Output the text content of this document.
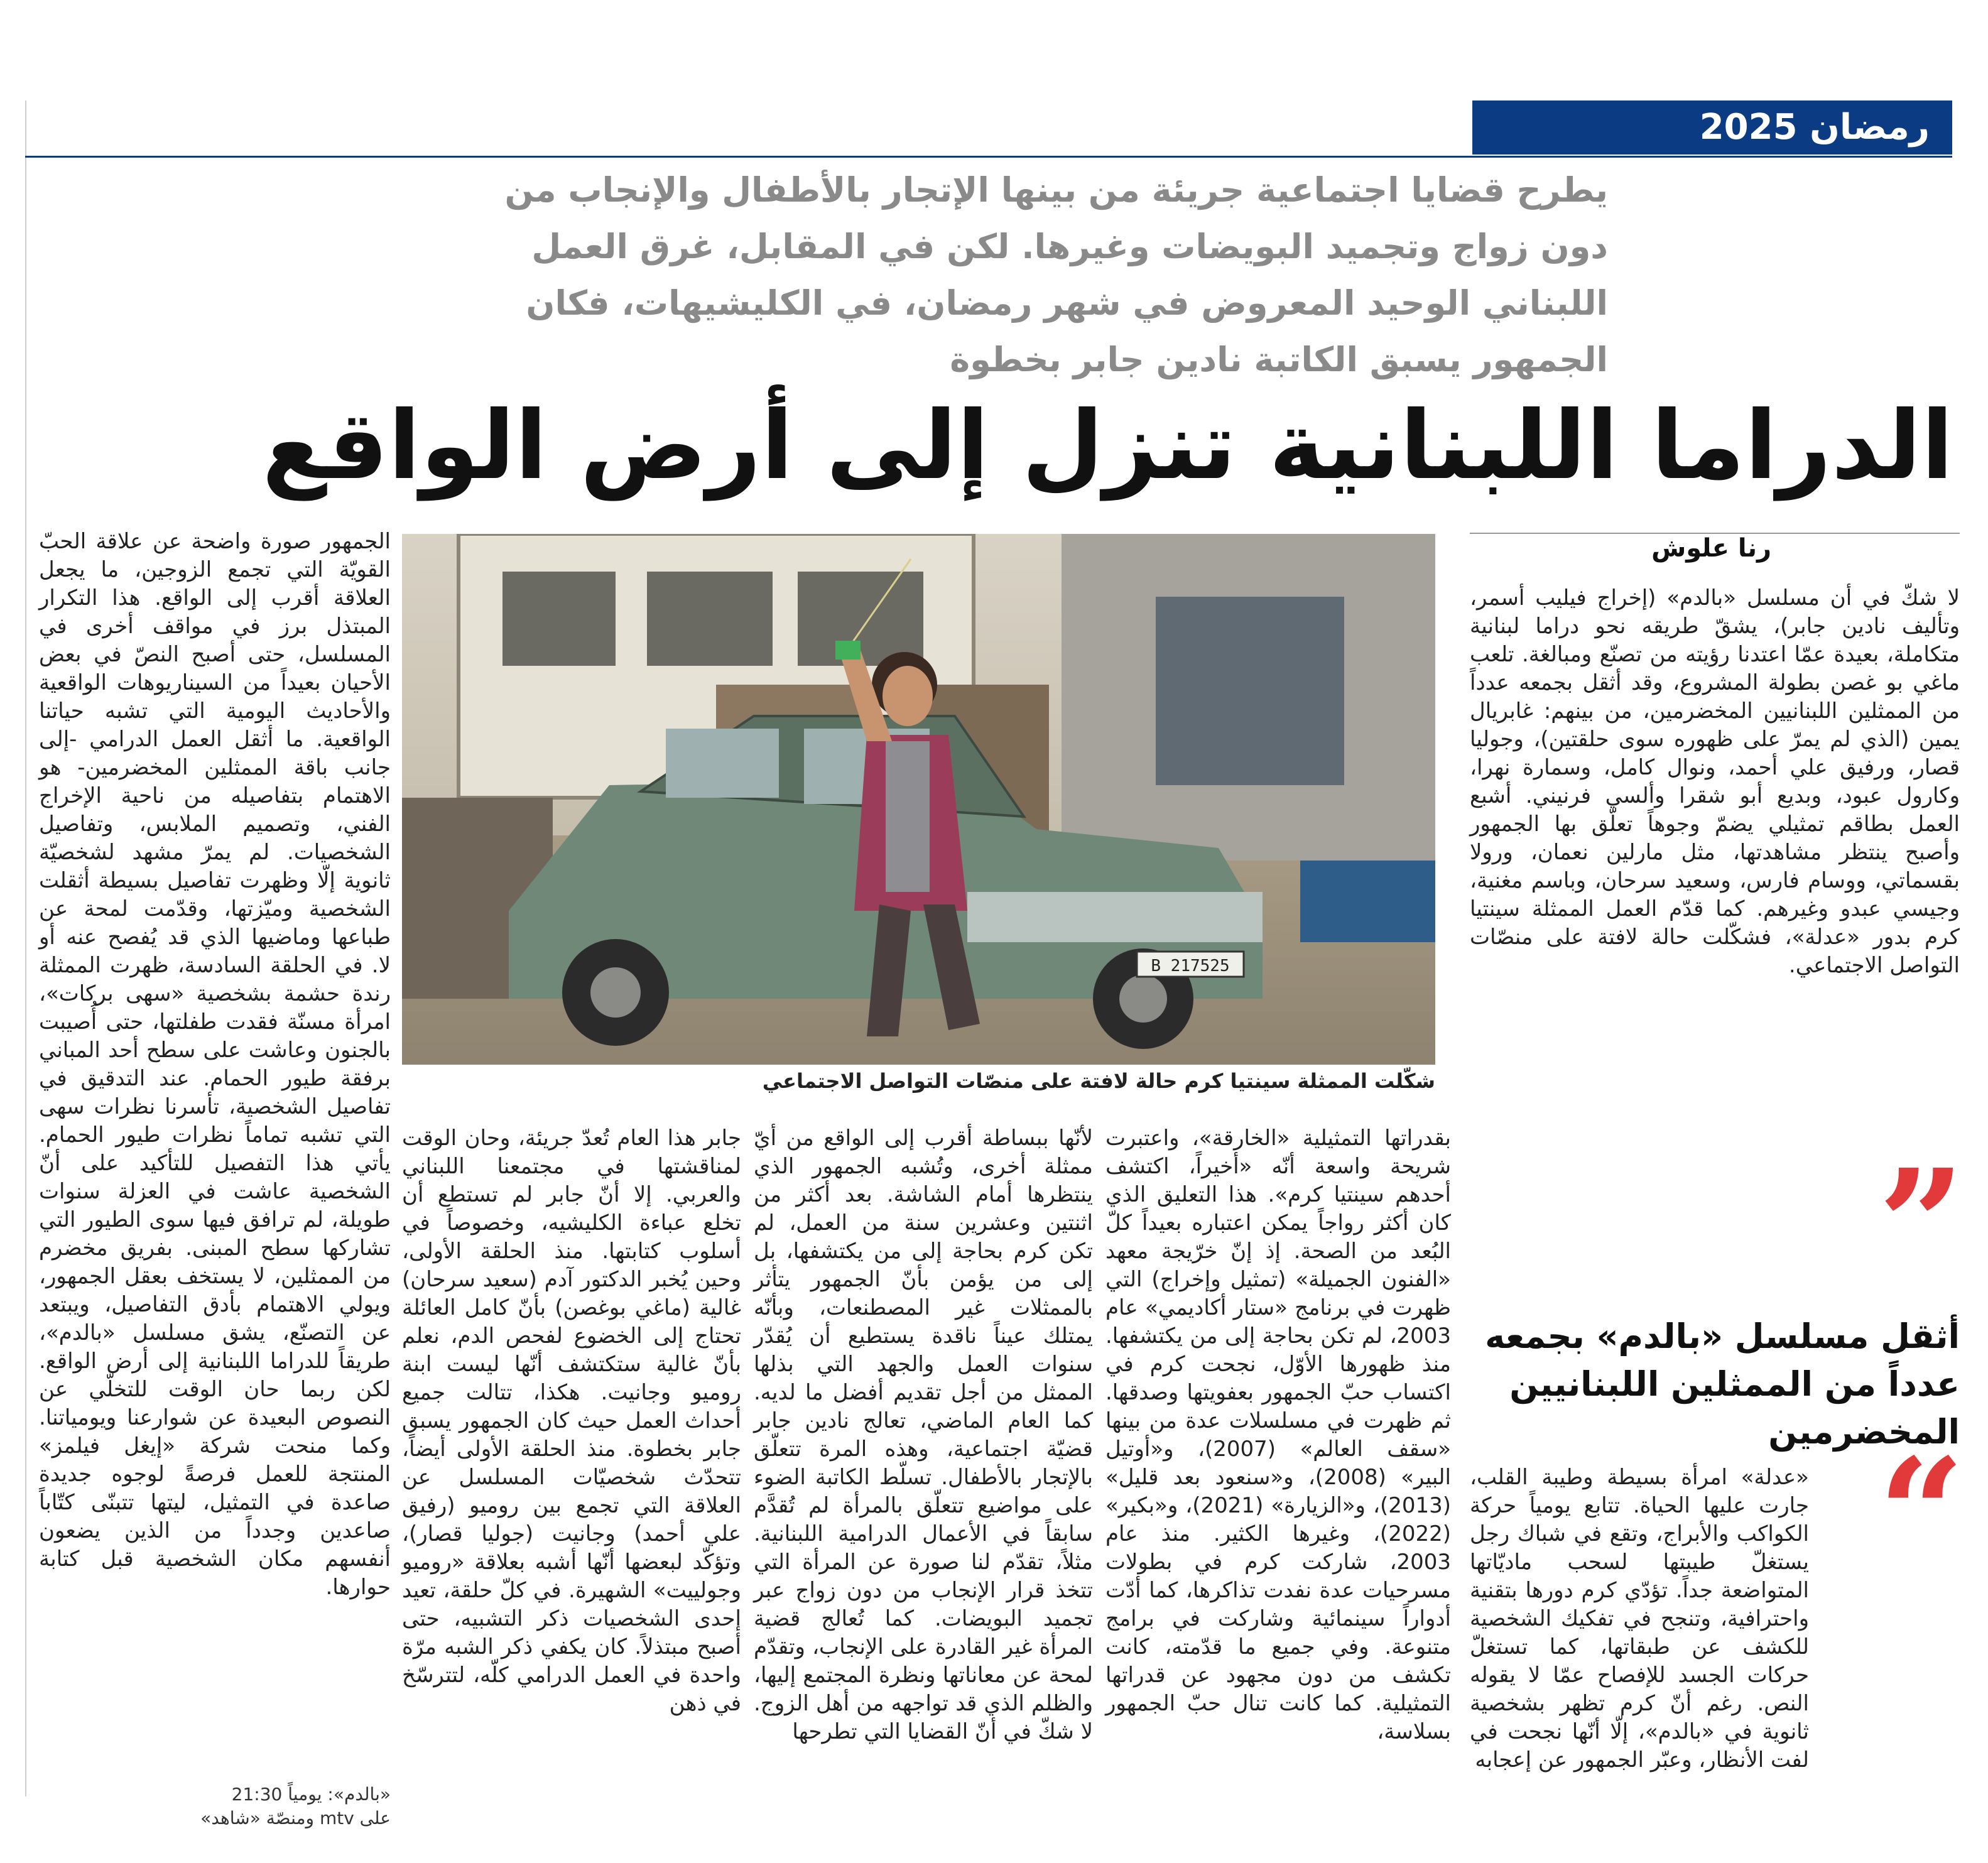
رمضان 2025
يطرح قضايا اجتماعية جريئة من بينها الإتجار بالأطفال والإنجاب من دون زواج وتجميد البويضات وغيرها. لكن في المقابل، غرق العمل اللبناني الوحيد المعروض في شهر رمضان، في الكليشيهات، فكان الجمهور يسبق الكاتبة نادين جابر بخطوة
الدراما اللبنانية تنزل إلى أرض الواقع
رنا علوش

لا شكّ في أن مسلسل «بالدم» (إخراج فيليب أسمر، وتأليف نادين جابر)، يشقّ طريقه نحو دراما لبنانية متكاملة، بعيدة عمّا اعتدنا رؤيته من تصنّع ومبالغة. تلعب ماغي بو غصن بطولة المشروع، وقد أثقل بجمعه عدداً من الممثلين اللبنانيين المخضرمين، من بينهم: غابريال يمين (الذي لم يمرّ على ظهوره سوى حلقتين)، وجوليا قصار، ورفيق علي أحمد، ونوال كامل، وسمارة نهرا، وكارول عبود، وبديع أبو شقرا وألسي فرنيني. أشبع العمل بطاقم تمثيلي يضمّ وجوهاً تعلّق بها الجمهور وأصبح ينتظر مشاهدتها، مثل مارلين نعمان، ورولا بقسماتي، ووسام فارس، وسعيد سرحان، وباسم مغنية، وجيسي عبدو وغيرهم. كما قدّم العمل الممثلة سينتيا كرم بدور «عدلة»، فشكّلت حالة لافتة على منصّات التواصل الاجتماعي.

”
أثقل مسلسل «بالدم» بجمعه عدداً من الممثلين اللبنانيين المخضرمين
“

«عدلة» امرأة بسيطة وطيبة القلب، جارت عليها الحياة. تتابع يومياً حركة الكواكب والأبراج، وتقع في شباك رجل يستغلّ طيبتها لسحب ماديّاتها المتواضعة جداً. تؤدّي كرم دورها بتقنية واحترافية، وتنجح في تفكيك الشخصية للكشف عن طبقاتها، كما تستغلّ حركات الجسد للإفصاح عمّا لا يقوله النص. رغم أنّ كرم تظهر بشخصية ثانوية في «بالدم»، إلّا أنّها نجحت في لفت الأنظار، وعبّر الجمهور عن إعجابه

B 217525
شكّلت الممثلة سينتيا كرم حالة لافتة على منصّات التواصل الاجتماعي

بقدراتها التمثيلية «الخارقة»، واعتبرت شريحة واسعة أنّه «أخيراً، اكتشف أحدهم سينتيا كرم». هذا التعليق الذي كان أكثر رواجاً يمكن اعتباره بعيداً كلّ البُعد من الصحة. إذ إنّ خرّيجة معهد «الفنون الجميلة» (تمثيل وإخراج) التي ظهرت في برنامج «ستار أكاديمي» عام 2003، لم تكن بحاجة إلى من يكتشفها. منذ ظهورها الأوّل، نجحت كرم في اكتساب حبّ الجمهور بعفويتها وصدقها. ثم ظهرت في مسلسلات عدة من بينها «سقف العالم» (2007)، و«أوتيل البير» (2008)، و«سنعود بعد قليل» (2013)، و«الزيارة» (2021)، و«بكير» (2022)، وغيرها الكثير. منذ عام 2003، شاركت كرم في بطولات مسرحيات عدة نفدت تذاكرها، كما أدّت أدواراً سينمائية وشاركت في برامج متنوعة. وفي جميع ما قدّمته، كانت تكشف من دون مجهود عن قدراتها التمثيلية. كما كانت تنال حبّ الجمهور بسلاسة،

لأنّها ببساطة أقرب إلى الواقع من أيّ ممثلة أخرى، وتُشبه الجمهور الذي ينتظرها أمام الشاشة. بعد أكثر من اثنتين وعشرين سنة من العمل، لم تكن كرم بحاجة إلى من يكتشفها، بل إلى من يؤمن بأنّ الجمهور يتأثر بالممثلات غير المصطنعات، وبأنّه يمتلك عيناً ناقدة يستطيع أن يُقدّر سنوات العمل والجهد التي بذلها الممثل من أجل تقديم أفضل ما لديه. كما العام الماضي، تعالج نادين جابر قضيّة اجتماعية، وهذه المرة تتعلّق بالإتجار بالأطفال. تسلّط الكاتبة الضوء على مواضيع تتعلّق بالمرأة لم تُقدَّم سابقاً في الأعمال الدرامية اللبنانية. مثلاً، تقدّم لنا صورة عن المرأة التي تتخذ قرار الإنجاب من دون زواج عبر تجميد البويضات. كما تُعالج قضية المرأة غير القادرة على الإنجاب، وتقدّم لمحة عن معاناتها ونظرة المجتمع إليها، والظلم الذي قد تواجهه من أهل الزوج. لا شكّ في أنّ القضايا التي تطرحها

جابر هذا العام تُعدّ جريئة، وحان الوقت لمناقشتها في مجتمعنا اللبناني والعربي. إلا أنّ جابر لم تستطع أن تخلع عباءة الكليشيه، وخصوصاً في أسلوب كتابتها. منذ الحلقة الأولى، وحين يُخبر الدكتور آدم (سعيد سرحان) غالية (ماغي بوغصن) بأنّ كامل العائلة تحتاج إلى الخضوع لفحص الدم، نعلم بأنّ غالية ستكتشف أنّها ليست ابنة روميو وجانيت. هكذا، تتالت جميع أحداث العمل حيث كان الجمهور يسبق جابر بخطوة. منذ الحلقة الأولى أيضاً، تتحدّث شخصيّات المسلسل عن العلاقة التي تجمع بين روميو (رفيق علي أحمد) وجانيت (جوليا قصار)، وتؤكّد لبعضها أنّها أشبه بعلاقة «روميو وجولييت» الشهيرة. في كلّ حلقة، تعيد إحدى الشخصيات ذكر التشبيه، حتى أصبح مبتذلاً. كان يكفي ذكر الشبه مرّة واحدة في العمل الدرامي كلّه، لتترسّخ في ذهن

الجمهور صورة واضحة عن علاقة الحبّ القويّة التي تجمع الزوجين، ما يجعل العلاقة أقرب إلى الواقع. هذا التكرار المبتذل برز في مواقف أخرى في المسلسل، حتى أصبح النصّ في بعض الأحيان بعيداً من السيناريوهات الواقعية والأحاديث اليومية التي تشبه حياتنا الواقعية. ما أثقل العمل الدرامي -إلى جانب باقة الممثلين المخضرمين- هو الاهتمام بتفاصيله من ناحية الإخراج الفني، وتصميم الملابس، وتفاصيل الشخصيات. لم يمرّ مشهد لشخصيّة ثانوية إلّا وظهرت تفاصيل بسيطة أثقلت الشخصية وميّزتها، وقدّمت لمحة عن طباعها وماضيها الذي قد يُفصح عنه أو لا. في الحلقة السادسة، ظهرت الممثلة رندة حشمة بشخصية «سهى بركات»، امرأة مسنّة فقدت طفلتها، حتى أُصيبت بالجنون وعاشت على سطح أحد المباني برفقة طيور الحمام. عند التدقيق في تفاصيل الشخصية، تأسرنا نظرات سهى التي تشبه تماماً نظرات طيور الحمام. يأتي هذا التفصيل للتأكيد على أنّ الشخصية عاشت في العزلة سنوات طويلة، لم ترافق فيها سوى الطيور التي تشاركها سطح المبنى. بفريق مخضرم من الممثلين، لا يستخف بعقل الجمهور، ويولي الاهتمام بأدق التفاصيل، ويبتعد عن التصنّع، يشق مسلسل «بالدم»، طريقاً للدراما اللبنانية إلى أرض الواقع. لكن ربما حان الوقت للتخلّي عن النصوص البعيدة عن شوارعنا ويومياتنا. وكما منحت شركة «إيغل فيلمز» المنتجة للعمل فرصةً لوجوه جديدة صاعدة في التمثيل، ليتها تتبنّى كتّاباً صاعدين وجدداً من الذين يضعون أنفسهم مكان الشخصية قبل كتابة حوارها.

«بالدم»: يومياً 21:30
على mtv ومنصّة «شاهد»
